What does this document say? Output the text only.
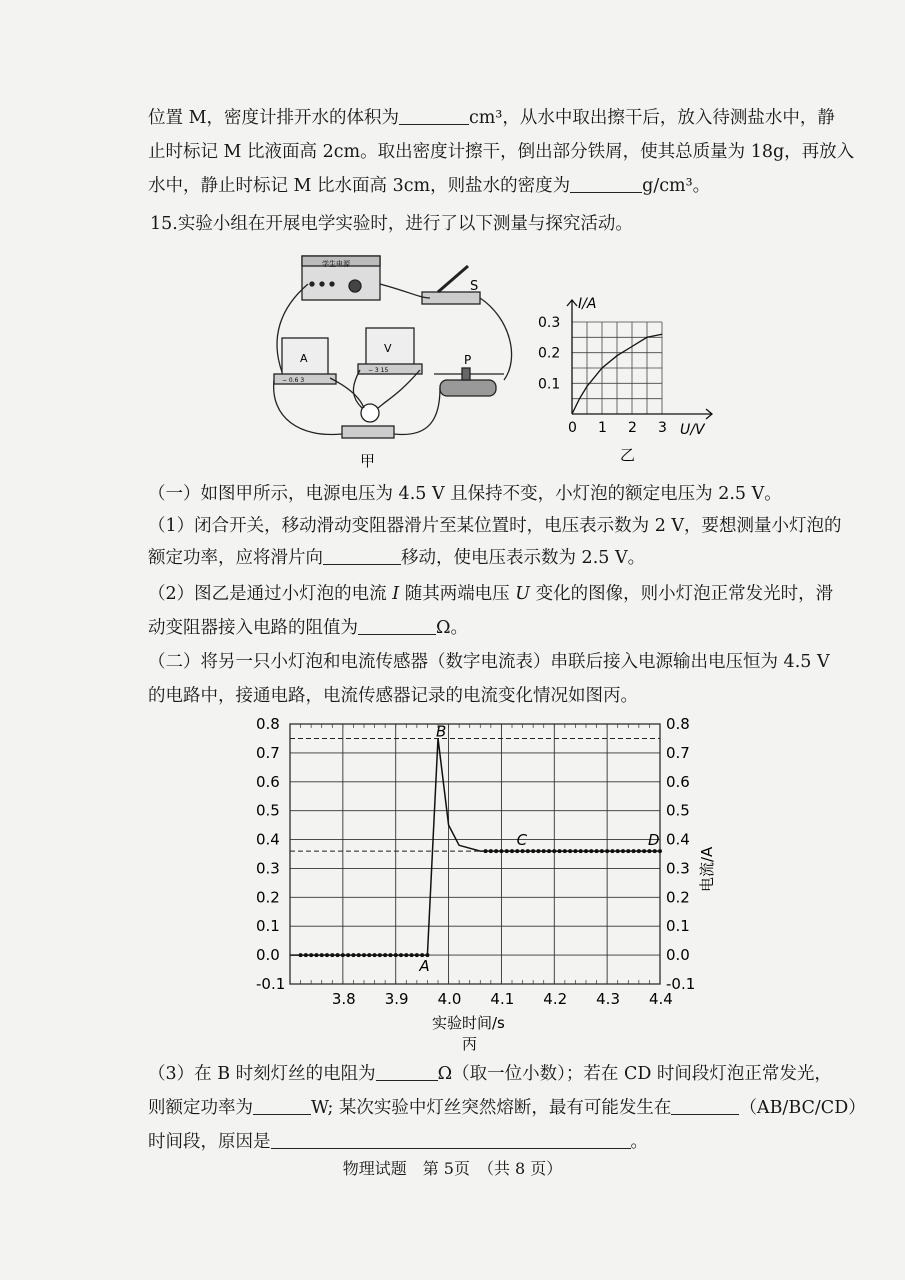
位置 M，密度计排开水的体积为	cm³，从水中取出擦干后，放入待测盐水中，静
止时标记 M 比液面高 2cm。取出密度计擦干，倒出部分铁屑，使其总质量为 18g，再放入
水中，静止时标记 M 比水面高 3cm，则盐水的密度为	g/cm³。
15.实验小组在开展电学实验时，进行了以下测量与探究活动。
学生电源
S
A
− 0.6 3
V
− 3 15
P
甲
0 1 2 3
0.1
0.2
0.3
I/A
U/V
乙
（一）如图甲所示，电源电压为 4.5 V 且保持不变，小灯泡的额定电压为 2.5 V。
（1）闭合开关，移动滑动变阻器滑片至某位置时，电压表示数为 2 V，要想测量小灯泡的
额定功率，应将滑片向	移动，使电压表示数为 2.5 V。
（2）图乙是通过小灯泡的电流 I 随其两端电压 U 变化的图像，则小灯泡正常发光时，滑
动变阻器接入电路的阻值为	Ω。
（二）将另一只小灯泡和电流传感器（数字电流表）串联后接入电源输出电压恒为 4.5 V
的电路中，接通电路，电流传感器记录的电流变化情况如图丙。
-0.1	-0.1
0.0	0.0
0.1	0.1
0.2	0.2
0.3	0.3
0.4	0.4
0.5	0.5
0.6	0.6
0.7	0.7
0.8	0.8
3.8 3.9 4.0 4.1 4.2 4.3 4.4
A
B
C	D
电流/A
实验时间/s
丙
（3）在 B 时刻灯丝的电阻为	Ω（取一位小数）；若在 CD 时间段灯泡正常发光，
则额定功率为	W; 某次实验中灯丝突然熔断，最有可能发生在	（AB/BC/CD）
时间段，原因是	。
物理试题　第 5页　（共 8 页）
